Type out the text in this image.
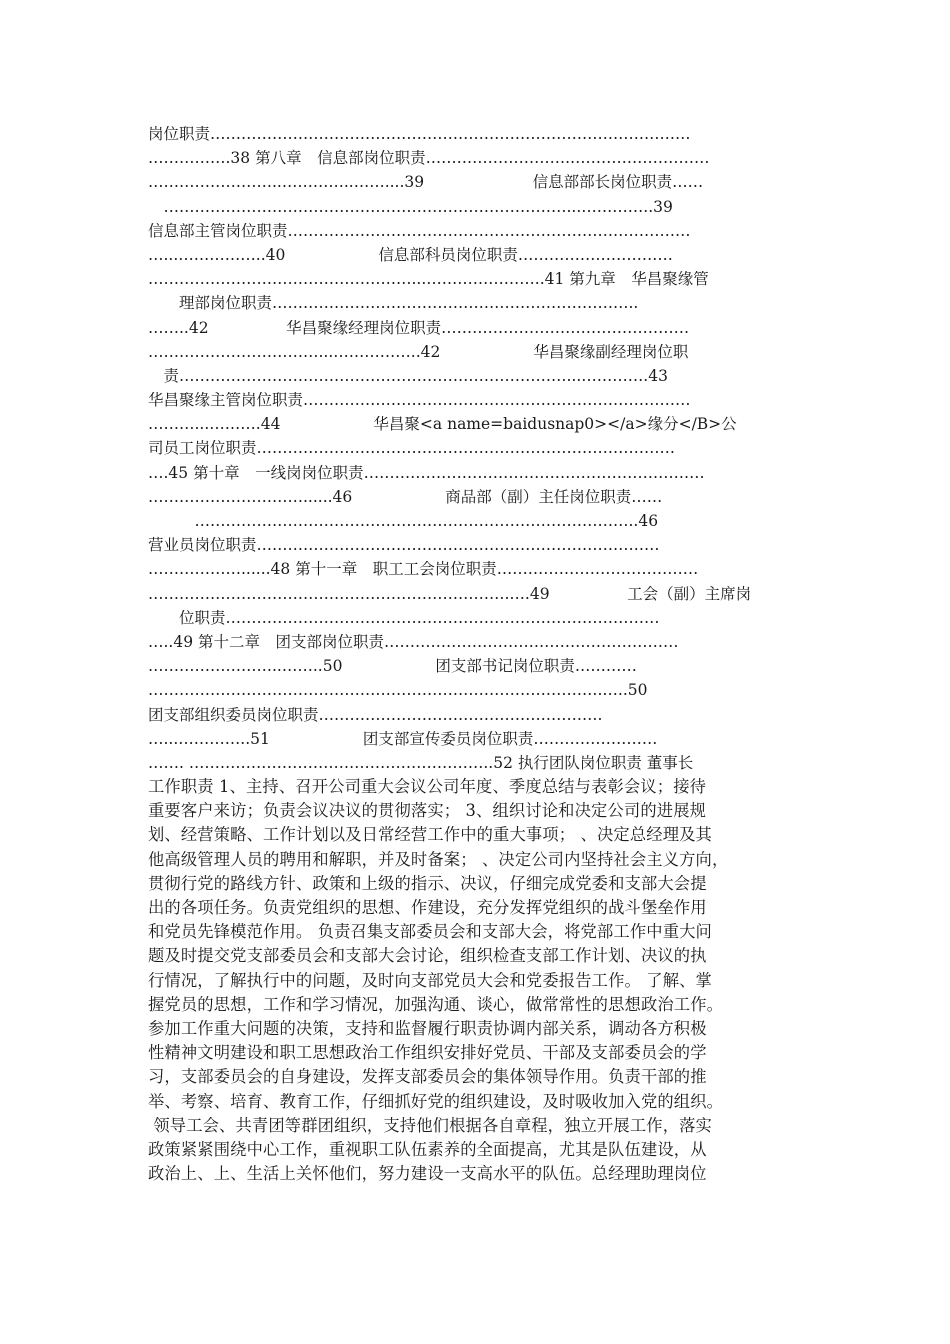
岗位职责…………………………………………………………………………………
…………….38 第八章　信息部岗位职责……………………….………………………
……………………..…………..……....39　　　　　　　信息部部长岗位职责……
　……………………………………………………………………...…………..39
信息部主管岗位职责……………………………………………………………………
…...……………..40　　　　　　信息部科员岗位职责…………………………
……………………………………………...…………………..41 第九章　华昌聚缘管
　　理部岗位职责……………………………………………………………..
……..42　　　　　华昌聚缘经理岗位职责…………………………………………
……………………………...……………..42　　　　　　华昌聚缘副经理岗位职
　责…………………………………………………………………...………….43
华昌聚缘主管岗位职责…………………………………………………………………
………...……….44　　　　　　华昌聚<a name=baidusnap0></a>缘分</B>公
司员工岗位职责………………………………………………………………………
….45 第十章　一线岗岗位职责…………………………………………………………
…………………………......46　　　　　　商品部（副）主任岗位职责……
　　　…………………………………………………………………………..46
营业员岗位职责……………………………………………………………………
………………......48 第十一章　职工工会岗位职责…………………………………
…………………………………………………………….….49　　　　　工会（副）主席岗
　　位职责…………………………………………………………………………
…..49 第十二章　团支部岗位职责…………………………………………………
……………………..……..50　　　　　　团支部书记岗位职责…………
…………………………………………………………………………….…..50
团支部组织委员岗位职责……………………………………………….
…...…………..51　　　　　　团支部宣传委员岗位职责……………………
……. …………………………………………………..52 执行团队岗位职责 董事长
工作职责 1、主持、召开公司重大会议公司年度、季度总结与表彰会议；接待
重要客户来访；负责会议决议的贯彻落实； 3、组织讨论和决定公司的进展规
划、经营策略、工作计划以及日常经营工作中的重大事项； 、决定总经理及其
他高级管理人员的聘用和解职，并及时备案； 、决定公司内坚持社会主义方向，
贯彻行党的路线方针、政策和上级的指示、决议，仔细完成党委和支部大会提
出的各项任务。负责党组织的思想、作建设，充分发挥党组织的战斗堡垒作用
和党员先锋模范作用。 负责召集支部委员会和支部大会，将党部工作中重大问
题及时提交党支部委员会和支部大会讨论，组织检查支部工作计划、决议的执
行情况，了解执行中的问题，及时向支部党员大会和党委报告工作。 了解、掌
握党员的思想，工作和学习情况，加强沟通、谈心，做常常性的思想政治工作。
参加工作重大问题的决策，支持和监督履行职责协调内部关系，调动各方积极
性精神文明建设和职工思想政治工作组织安排好党员、干部及支部委员会的学
习，支部委员会的自身建设，发挥支部委员会的集体领导作用。负责干部的推
举、考察、培育、教育工作，仔细抓好党的组织建设，及时吸收加入党的组织。
领导工会、共青团等群团组织，支持他们根据各自章程，独立开展工作，落实
政策紧紧围绕中心工作，重视职工队伍素养的全面提高，尤其是队伍建设，从
政治上、上、生活上关怀他们，努力建设一支高水平的队伍。总经理助理岗位
